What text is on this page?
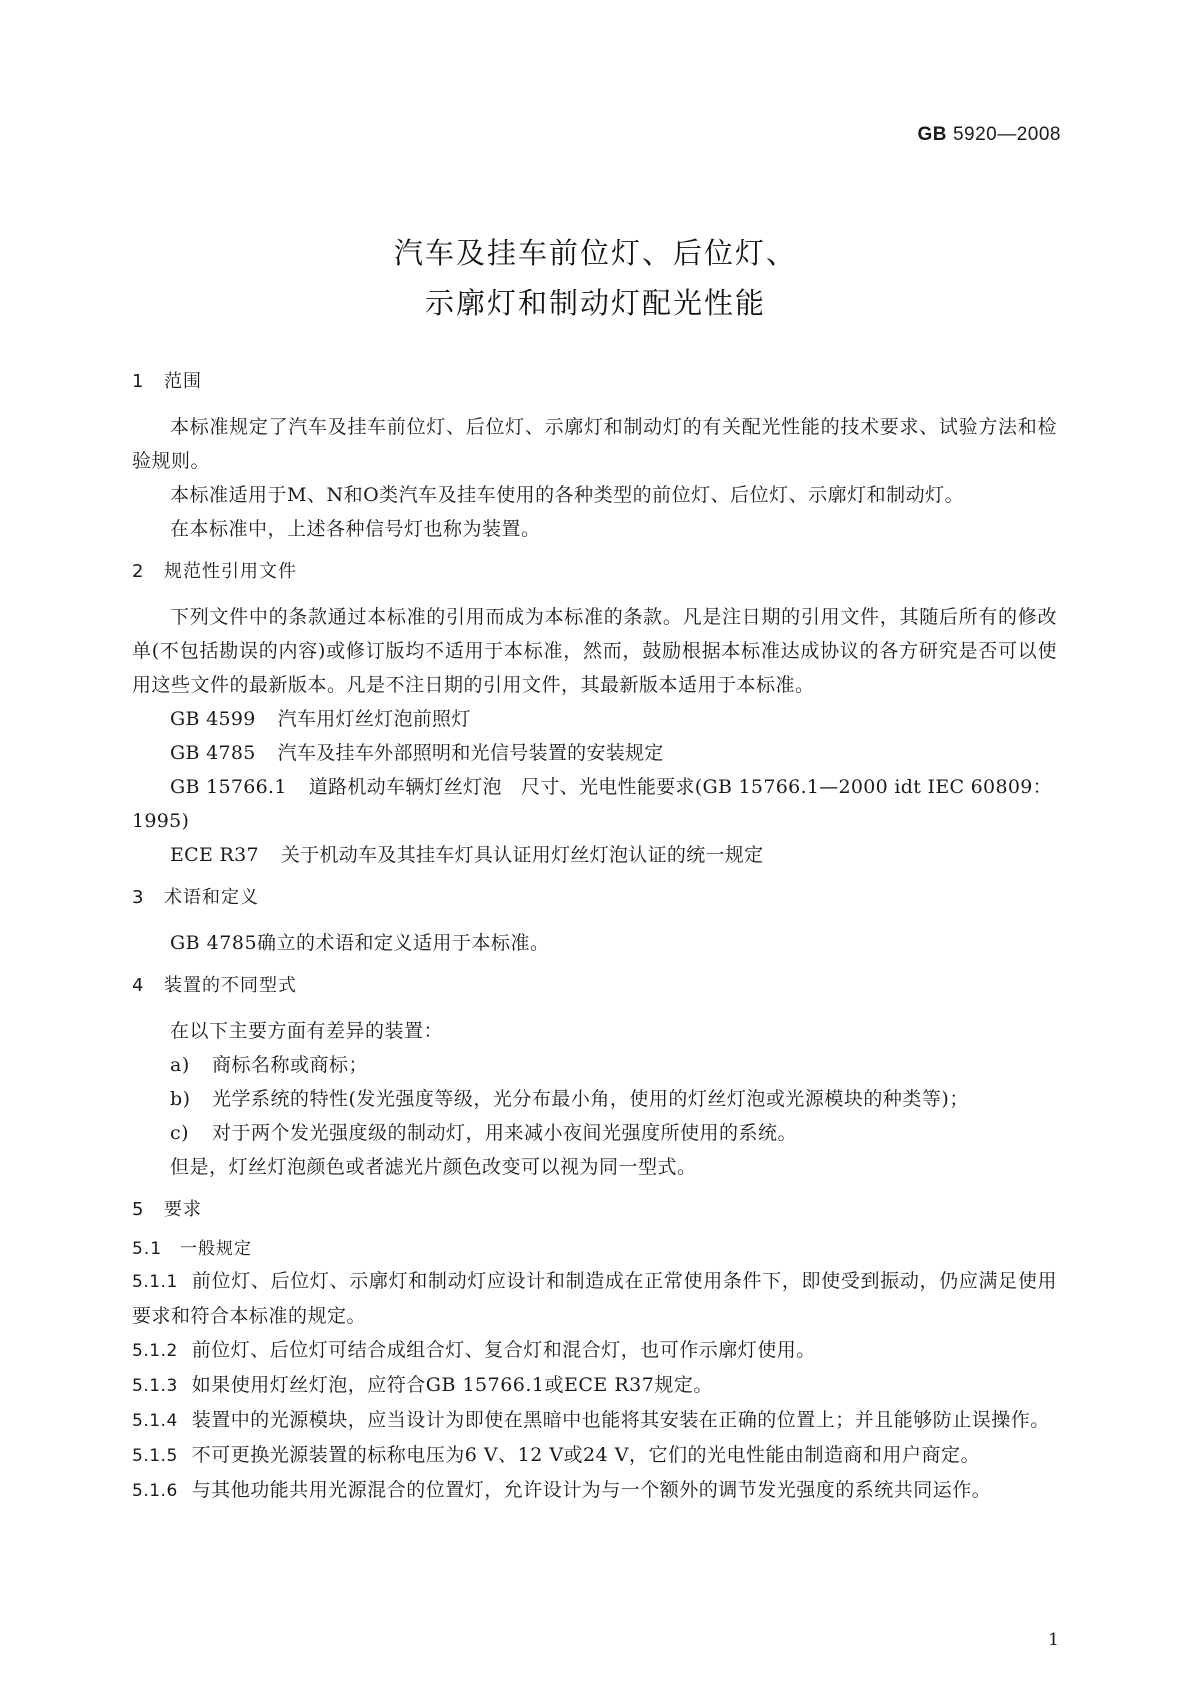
GB 5920—2008
汽车及挂车前位灯、后位灯、
示廓灯和制动灯配光性能
1 范围
本标准规定了汽车及挂车前位灯、后位灯、示廓灯和制动灯的有关配光性能的技术要求、试验方法和检验规则。
本标准适用于M、N和O类汽车及挂车使用的各种类型的前位灯、后位灯、示廓灯和制动灯。
在本标准中，上述各种信号灯也称为装置。
2 规范性引用文件
下列文件中的条款通过本标准的引用而成为本标准的条款。凡是注日期的引用文件，其随后所有的修改单(不包括勘误的内容)或修订版均不适用于本标准，然而，鼓励根据本标准达成协议的各方研究是否可以使用这些文件的最新版本。凡是不注日期的引用文件，其最新版本适用于本标准。
GB 4599 汽车用灯丝灯泡前照灯
GB 4785 汽车及挂车外部照明和光信号装置的安装规定
GB 15766.1 道路机动车辆灯丝灯泡　尺寸、光电性能要求(GB 15766.1—2000 idt IEC 60809：1995)
ECE R37 关于机动车及其挂车灯具认证用灯丝灯泡认证的统一规定
3 术语和定义
GB 4785确立的术语和定义适用于本标准。
4 装置的不同型式
在以下主要方面有差异的装置：
a) 商标名称或商标；
b) 光学系统的特性(发光强度等级，光分布最小角，使用的灯丝灯泡或光源模块的种类等)；
c) 对于两个发光强度级的制动灯，用来减小夜间光强度所使用的系统。
但是，灯丝灯泡颜色或者滤光片颜色改变可以视为同一型式。
5 要求
5.1 一般规定
5.1.1 前位灯、后位灯、示廓灯和制动灯应设计和制造成在正常使用条件下，即使受到振动，仍应满足使用要求和符合本标准的规定。
5.1.2 前位灯、后位灯可结合成组合灯、复合灯和混合灯，也可作示廓灯使用。
5.1.3 如果使用灯丝灯泡，应符合GB 15766.1或ECE R37规定。
5.1.4 装置中的光源模块，应当设计为即使在黑暗中也能将其安装在正确的位置上；并且能够防止误操作。
5.1.5 不可更换光源装置的标称电压为6 V、12 V或24 V，它们的光电性能由制造商和用户商定。
5.1.6 与其他功能共用光源混合的位置灯，允许设计为与一个额外的调节发光强度的系统共同运作。
1
